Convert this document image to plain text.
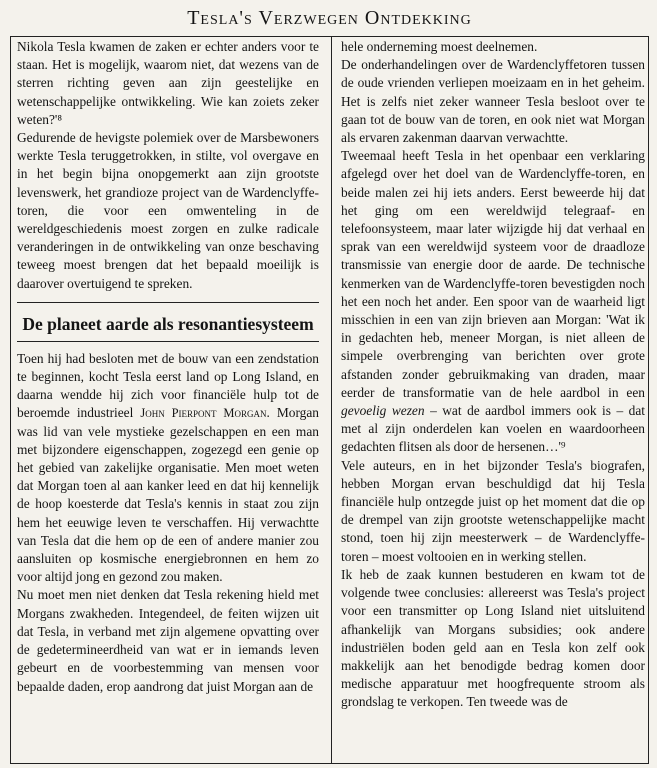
Tesla's Verzwegen Ontdekking

Nikola Tesla kwamen de zaken er echter anders voor te staan. Het is mogelijk, waarom niet, dat wezens van de sterren richting geven aan zijn geestelijke en wetenschappelijke ontwikkeling. Wie kan zoiets zeker weten?'⁸

Gedurende de hevigste polemiek over de Marsbewoners werkte Tesla teruggetrokken, in stilte, vol overgave en in het begin bijna onopgemerkt aan zijn grootste levenswerk, het grandioze project van de Wardenclyffe-toren, die voor een omwenteling in de wereldgeschiedenis moest zorgen en zulke radicale veranderingen in de ontwikkeling van onze beschaving teweeg moest brengen dat het bepaald moeilijk is daarover overtuigend te spreken.

De planeet aarde als resonantiesysteem

Toen hij had besloten met de bouw van een zendstation te beginnen, kocht Tesla eerst land op Long Island, en daarna wendde hij zich voor financiële hulp tot de beroemde industrieel John Pierpont Morgan. Morgan was lid van vele mystieke gezelschappen en een man met bijzondere eigenschappen, zogezegd een genie op het gebied van zakelijke organisatie. Men moet weten dat Morgan toen al aan kanker leed en dat hij kennelijk de hoop koesterde dat Tesla's kennis in staat zou zijn hem het eeuwige leven te verschaffen. Hij verwachtte van Tesla dat die hem op de een of andere manier zou aansluiten op kosmische energiebronnen en hem zo voor altijd jong en gezond zou maken.

Nu moet men niet denken dat Tesla rekening hield met Morgans zwakheden. Integendeel, de feiten wijzen uit dat Tesla, in verband met zijn algemene opvatting over de gedetermineerdheid van wat er in iemands leven gebeurt en de voorbestemming van mensen voor bepaalde daden, erop aandrong dat juist Morgan aan de

hele onderneming moest deelnemen.

De onderhandelingen over de Wardenclyffetoren tussen de oude vrienden verliepen moeizaam en in het geheim. Het is zelfs niet zeker wanneer Tesla besloot over te gaan tot de bouw van de toren, en ook niet wat Morgan als ervaren zakenman daarvan verwachtte.

Tweemaal heeft Tesla in het openbaar een verklaring afgelegd over het doel van de Wardenclyffe-toren, en beide malen zei hij iets anders. Eerst beweerde hij dat het ging om een wereldwijd telegraaf- en telefoonsysteem, maar later wijzigde hij dat verhaal en sprak van een wereldwijd systeem voor de draadloze transmissie van energie door de aarde. De technische kenmerken van de Wardenclyffe-toren bevestigden noch het een noch het ander. Een spoor van de waarheid ligt misschien in een van zijn brieven aan Morgan: 'Wat ik in gedachten heb, meneer Morgan, is niet alleen de simpele overbrenging van berichten over grote afstanden zonder gebruikmaking van draden, maar eerder de transformatie van de hele aardbol in een gevoelig wezen – wat de aardbol immers ook is – dat met al zijn onderdelen kan voelen en waardoorheen gedachten flitsen als door de hersenen…'⁹

Vele auteurs, en in het bijzonder Tesla's biografen, hebben Morgan ervan beschuldigd dat hij Tesla financiële hulp ontzegde juist op het moment dat die op de drempel van zijn grootste wetenschappelijke macht stond, toen hij zijn meesterwerk – de Wardenclyffe-toren – moest voltooien en in werking stellen.

Ik heb de zaak kunnen bestuderen en kwam tot de volgende twee conclusies: allereerst was Tesla's project voor een transmitter op Long Island niet uitsluitend afhankelijk van Morgans subsidies; ook andere industriëlen boden geld aan en Tesla kon zelf ook makkelijk aan het benodigde bedrag komen door medische apparatuur met hoogfrequente stroom als grondslag te verkopen. Ten tweede was de
